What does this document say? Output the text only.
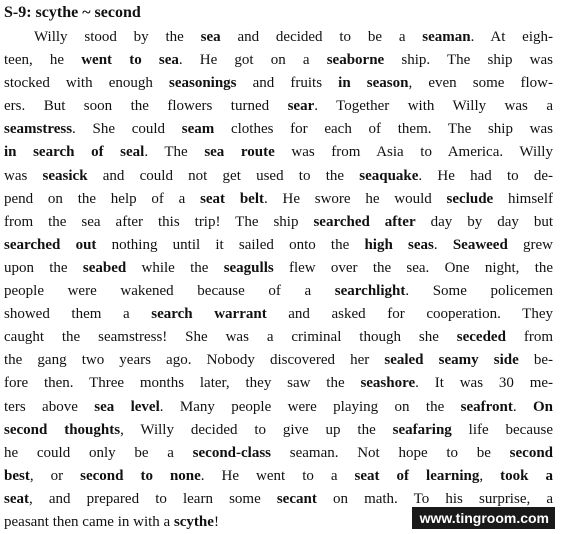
S-9: scythe ~ second
Willy stood by the sea and decided to be a seaman. At eigh-
teen, he went to sea. He got on a seaborne ship. The ship was
stocked with enough seasonings and fruits in season, even some flow-
ers. But soon the flowers turned sear. Together with Willy was a
seamstress. She could seam clothes for each of them. The ship was
in search of seal. The sea route was from Asia to America. Willy
was seasick and could not get used to the seaquake. He had to de-
pend on the help of a seat belt. He swore he would seclude himself
from the sea after this trip! The ship searched after day by day but
searched out nothing until it sailed onto the high seas. Seaweed grew
upon the seabed while the seagulls flew over the sea. One night, the
people were wakened because of a searchlight. Some policemen
showed them a search warrant and asked for cooperation. They
caught the seamstress! She was a criminal though she seceded from
the gang two years ago. Nobody discovered her sealed seamy side be-
fore then. Three months later, they saw the seashore. It was 30 me-
ters above sea level. Many people were playing on the seafront. On
second thoughts, Willy decided to give up the seafaring life because
he could only be a second-class seaman. Not hope to be second
best, or second to none. He went to a seat of learning, took a
seat, and prepared to learn some secant on math. To his surprise, a
peasant then came in with a scythe!	www.tingroom.com
